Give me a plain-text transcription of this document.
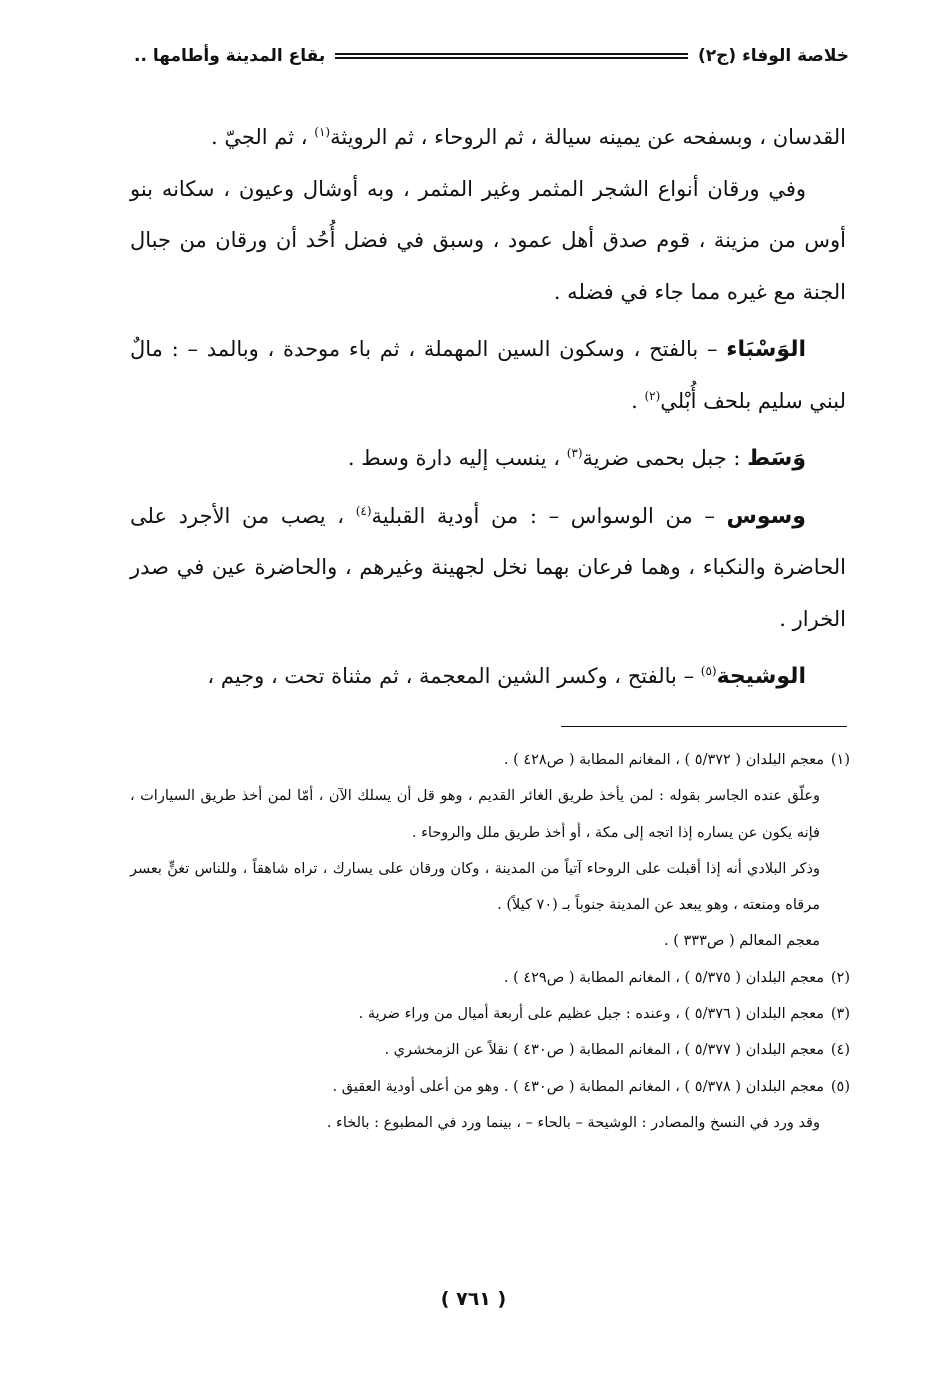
خلاصة الوفاء (ج٢)
بقاع المدينة وأطامها ..

القدسان ، وبسفحه عن يمينه سيالة ، ثم الروحاء ، ثم الرويثة$^{(١)}$ ، ثم الجيّ .

وفي ورقان أنواع الشجر المثمر وغير المثمر ، وبه أوشال وعيون ، سكانه بنو أوس من مزينة ، قوم صدق أهل عمود ، وسبق في فضل أُحُد أن ورقان من جبال الجنة مع غيره مما جاء في فضله .

الوَسْبَاء – بالفتح ، وسكون السين المهملة ، ثم باء موحدة ، وبالمد – : مالٌ لبني سليم بلحف أُبْلي$^{(٢)}$ .

وَسَط : جبل بحمى ضرية$^{(٣)}$ ، ينسب إليه دارة وسط .

وسوس – من الوسواس – : من أودية القبلية$^{(٤)}$ ، يصب من الأجرد على الحاضرة والنكباء ، وهما فرعان بهما نخل لجهينة وغيرهم ، والحاضرة عين في صدر الخرار .

الوشيجة$^{(٥)}$ – بالفتح ، وكسر الشين المعجمة ، ثم مثناة تحت ، وجيم ،

(١)معجم البلدان ( ٥/٣٧٢ ) ، المغانم المطابة ( ص٤٢٨ ) .

وعلّق عنده الجاسر بقوله : لمن يأخذ طريق الغائر القديم ، وهو قل أن يسلك الآن ، أمّا لمن أخذ طريق السيارات ، فإنه يكون عن يساره إذا اتجه إلى مكة ، أو أخذ طريق ملل والروحاء .

وذكر البلادي أنه إذا أقبلت على الروحاء آتياً من المدينة ، وكان ورقان على يسارك ، تراه شاهقاً ، وللناس تغنٍّ بعسر مرقاه ومنعته ، وهو يبعد عن المدينة جنوباً بـ (٧٠ كيلاً) .

معجم المعالم ( ص٣٣٣ ) .

(٢)معجم البلدان ( ٥/٣٧٥ ) ، المغانم المطابة ( ص٤٢٩ ) .

(٣)معجم البلدان ( ٥/٣٧٦ ) ، وعنده : جبل عظيم على أربعة أميال من وراء ضرية .

(٤)معجم البلدان ( ٥/٣٧٧ ) ، المغانم المطابة ( ص٤٣٠ ) نقلاً عن الزمخشري .

(٥)معجم البلدان ( ٥/٣٧٨ ) ، المغانم المطابة ( ص٤٣٠ ) . وهو من أعلى أودية العقيق .

وقد ورد في النسخ والمصادر : الوشيحة – بالحاء – ، بينما ورد في المطبوع : بالخاء .

( ٧٦١ )
